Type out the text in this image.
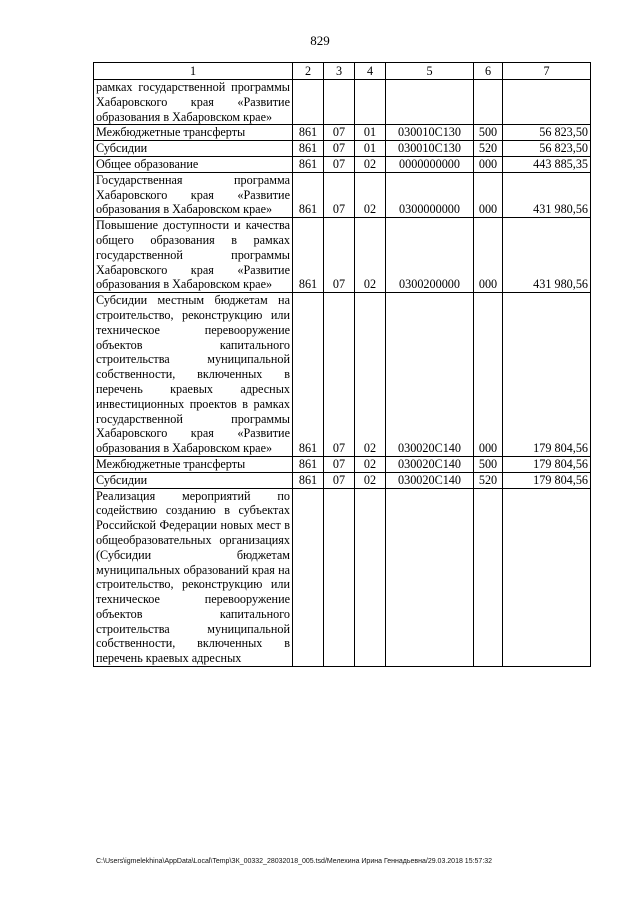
829
1	2	3	4	5	6	7
рамках государственной программы Хабаровского края «Развитие образования в Хабаровском крае»						
Межбюджетные трансферты	861	07	01	030010С130	500	56 823,50
Субсидии	861	07	01	030010С130	520	56 823,50
Общее образование	861	07	02	0000000000	000	443 885,35
Государственная программа Хабаровского края «Развитие образования в Хабаровском крае»	861	07	02	0300000000	000	431 980,56
Повышение доступности и качества общего образования в рамках государственной программы Хабаровского края «Развитие образования в Хабаровском крае»	861	07	02	0300200000	000	431 980,56
Субсидии местным бюджетам на строительство, реконструкцию или техническое перевооружение объектов капитального строительства муниципальной собственности, включенных в перечень краевых адресных инвестиционных проектов в рамках государственной программы Хабаровского края «Развитие образования в Хабаровском крае»	861	07	02	030020С140	000	179 804,56
Межбюджетные трансферты	861	07	02	030020С140	500	179 804,56
Субсидии	861	07	02	030020С140	520	179 804,56
Реализация мероприятий по содействию созданию в субъектах Российской Федерации новых мест в общеобразовательных организациях (Субсидии бюджетам муниципальных образований края на строительство, реконструкцию или техническое перевооружение объектов капитального строительства муниципальной собственности, включенных в перечень краевых адресных						
C:\Users\igmelekhina\AppData\Local\Temp\ЗК_00332_28032018_005.tsd/Мелехина Ирина Геннадьевна/29.03.2018 15:57:32
